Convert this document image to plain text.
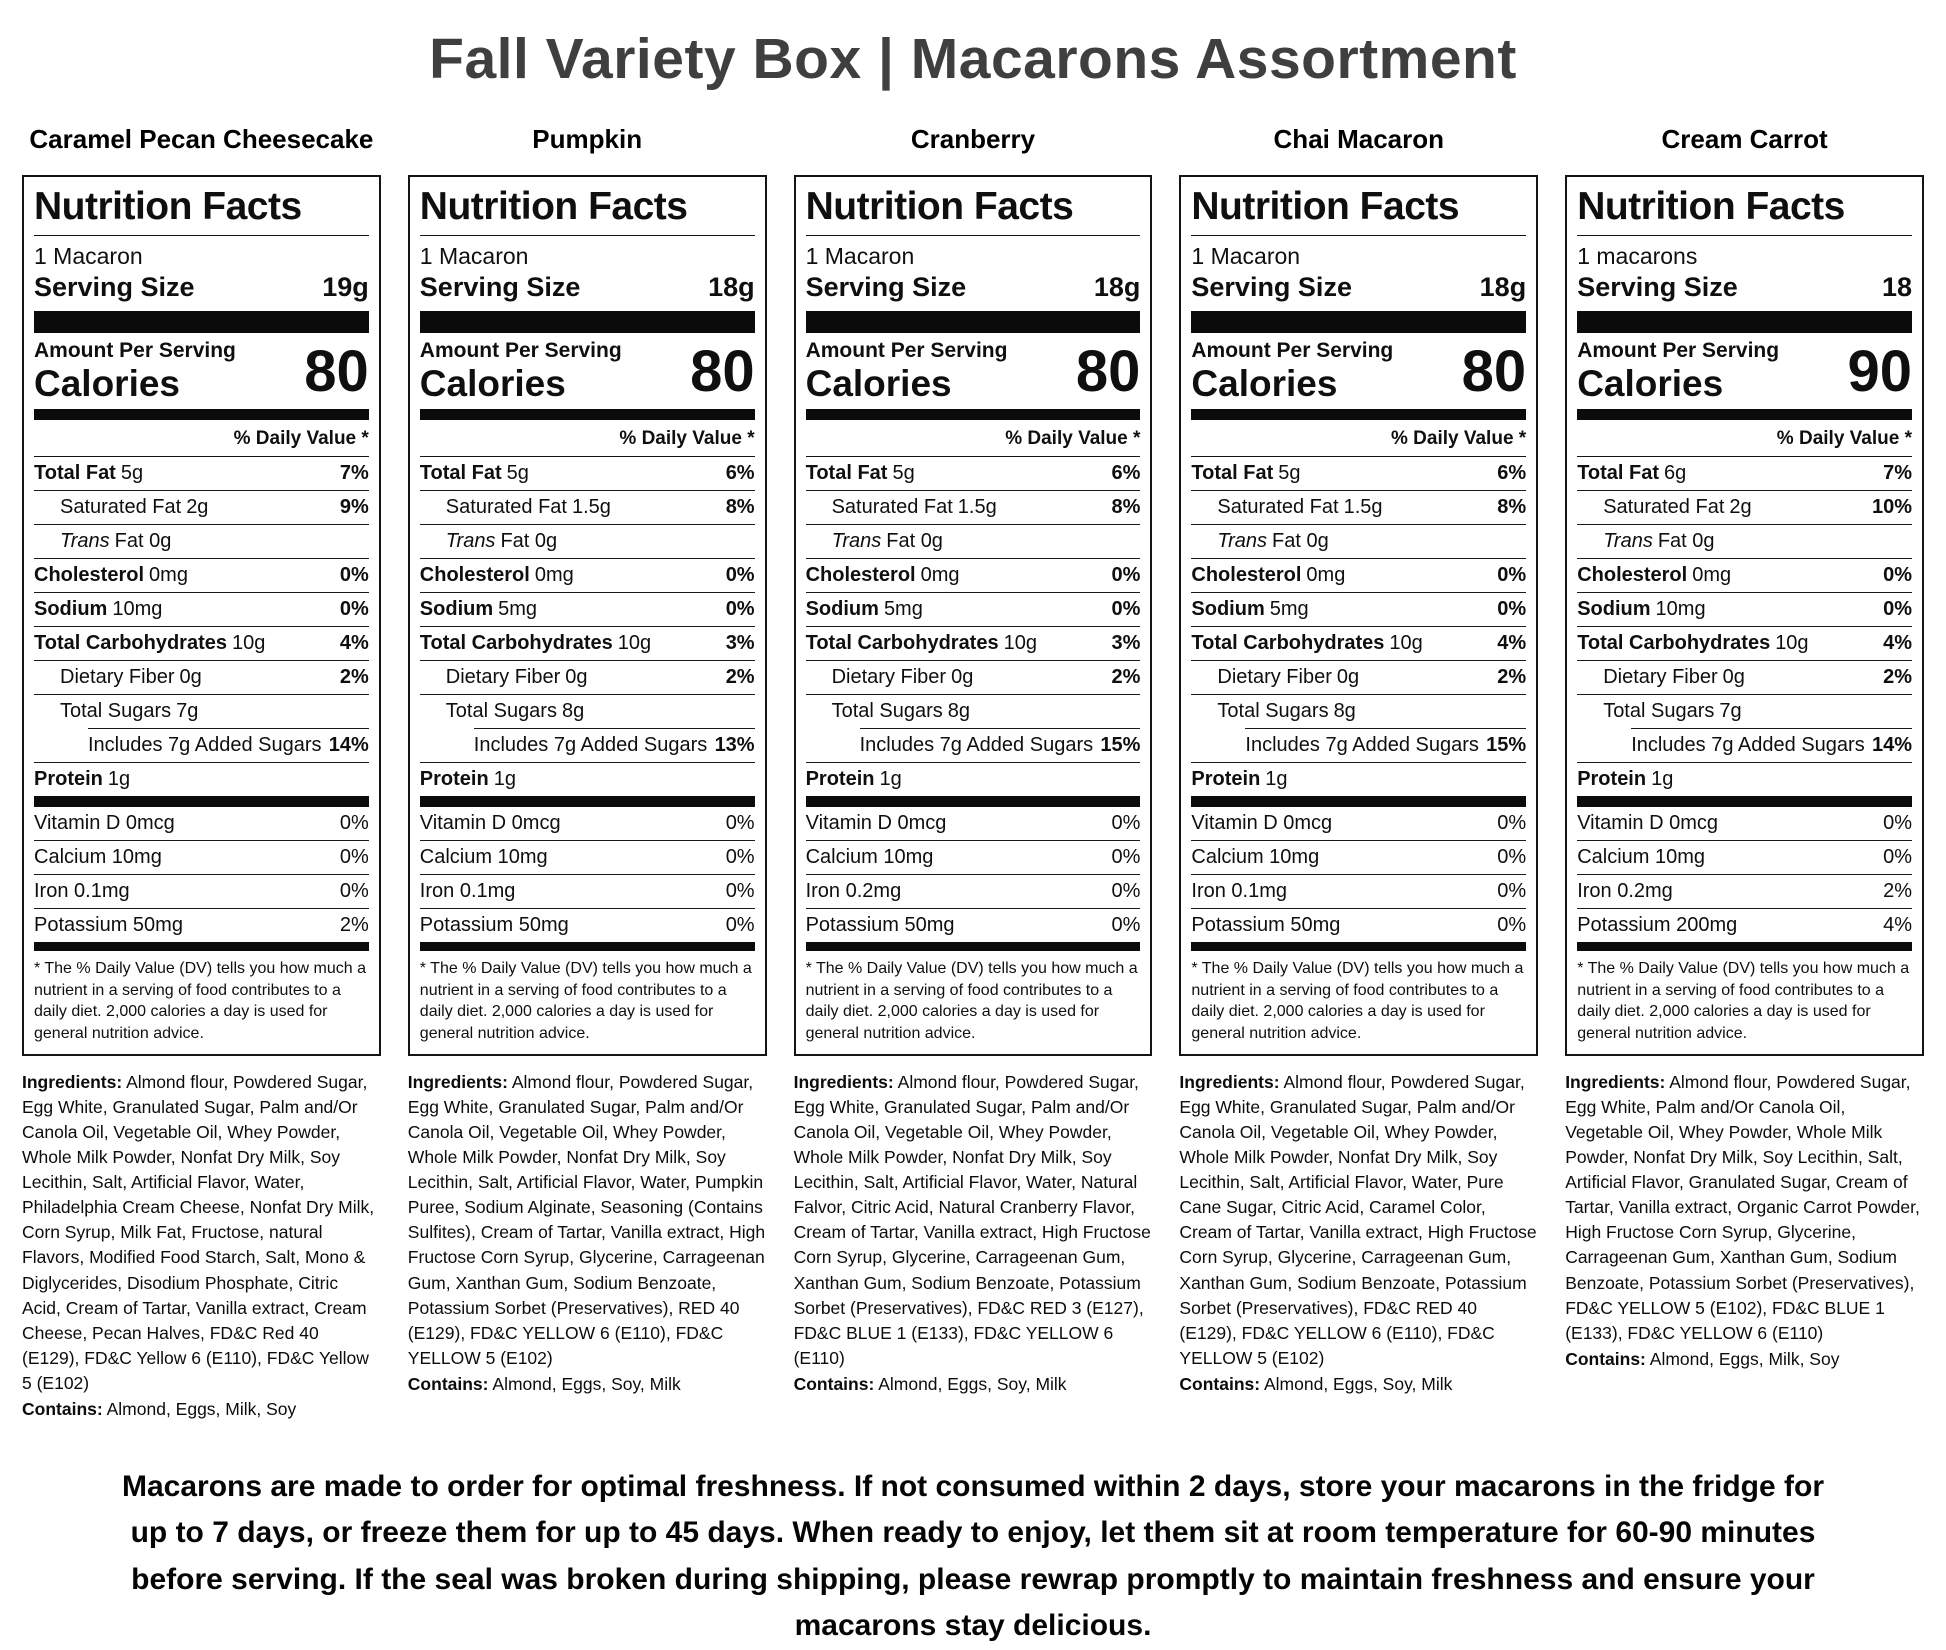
Fall Variety Box | Macarons Assortment
Caramel Pecan Cheesecake
Nutrition Facts
1 Macaron
Serving Size	19g
Amount Per Serving
Calories	80
% Daily Value *
Total Fat 5g	7%
Saturated Fat 2g	9%
Trans Fat 0g
Cholesterol 0mg	0%
Sodium 10mg	0%
Total Carbohydrates 10g	4%
Dietary Fiber 0g	2%
Total Sugars 7g
Includes 7g Added Sugars 14%
Protein 1g
Vitamin D 0mcg	0%
Calcium 10mg	0%
Iron 0.1mg	0%
Potassium 50mg	2%
* The % Daily Value (DV) tells you how much a nutrient in a serving of food contributes to a daily diet. 2,000 calories a day is used for general nutrition advice.
Ingredients: Almond flour, Powdered Sugar, Egg White, Granulated Sugar, Palm and/Or Canola Oil, Vegetable Oil, Whey Powder, Whole Milk Powder, Nonfat Dry Milk, Soy Lecithin, Salt, Artificial Flavor, Water, Philadelphia Cream Cheese, Nonfat Dry Milk, Corn Syrup, Milk Fat, Fructose, natural Flavors, Modified Food Starch, Salt, Mono & Diglycerides, Disodium Phosphate, Citric Acid, Cream of Tartar, Vanilla extract, Cream Cheese, Pecan Halves, FD&C Red 40 (E129), FD&C Yellow 6 (E110), FD&C Yellow 5 (E102)
Contains: Almond, Eggs, Milk, Soy
Pumpkin
Nutrition Facts
1 Macaron
Serving Size	18g
Amount Per Serving
Calories	80
% Daily Value *
Total Fat 5g	6%
Saturated Fat 1.5g	8%
Trans Fat 0g
Cholesterol 0mg	0%
Sodium 5mg	0%
Total Carbohydrates 10g	3%
Dietary Fiber 0g	2%
Total Sugars 8g
Includes 7g Added Sugars 13%
Protein 1g
Vitamin D 0mcg	0%
Calcium 10mg	0%
Iron 0.1mg	0%
Potassium 50mg	0%
* The % Daily Value (DV) tells you how much a nutrient in a serving of food contributes to a daily diet. 2,000 calories a day is used for general nutrition advice.
Ingredients: Almond flour, Powdered Sugar, Egg White, Granulated Sugar, Palm and/Or Canola Oil, Vegetable Oil, Whey Powder, Whole Milk Powder, Nonfat Dry Milk, Soy Lecithin, Salt, Artificial Flavor, Water, Pumpkin Puree, Sodium Alginate, Seasoning (Contains Sulfites), Cream of Tartar, Vanilla extract, High Fructose Corn Syrup, Glycerine, Carrageenan Gum, Xanthan Gum, Sodium Benzoate, Potassium Sorbet (Preservatives), RED 40 (E129), FD&C YELLOW 6 (E110), FD&C YELLOW 5 (E102)
Contains: Almond, Eggs, Soy, Milk
Cranberry
Nutrition Facts
1 Macaron
Serving Size	18g
Amount Per Serving
Calories	80
% Daily Value *
Total Fat 5g	6%
Saturated Fat 1.5g	8%
Trans Fat 0g
Cholesterol 0mg	0%
Sodium 5mg	0%
Total Carbohydrates 10g	3%
Dietary Fiber 0g	2%
Total Sugars 8g
Includes 7g Added Sugars 15%
Protein 1g
Vitamin D 0mcg	0%
Calcium 10mg	0%
Iron 0.2mg	0%
Potassium 50mg	0%
* The % Daily Value (DV) tells you how much a nutrient in a serving of food contributes to a daily diet. 2,000 calories a day is used for general nutrition advice.
Ingredients: Almond flour, Powdered Sugar, Egg White, Granulated Sugar, Palm and/Or Canola Oil, Vegetable Oil, Whey Powder, Whole Milk Powder, Nonfat Dry Milk, Soy Lecithin, Salt, Artificial Flavor, Water, Natural Falvor, Citric Acid, Natural Cranberry Flavor, Cream of Tartar, Vanilla extract, High Fructose Corn Syrup, Glycerine, Carrageenan Gum, Xanthan Gum, Sodium Benzoate, Potassium Sorbet (Preservatives), FD&C RED 3 (E127), FD&C BLUE 1 (E133), FD&C YELLOW 6 (E110)
Contains: Almond, Eggs, Soy, Milk
Chai Macaron
Nutrition Facts
1 Macaron
Serving Size	18g
Amount Per Serving
Calories	80
% Daily Value *
Total Fat 5g	6%
Saturated Fat 1.5g	8%
Trans Fat 0g
Cholesterol 0mg	0%
Sodium 5mg	0%
Total Carbohydrates 10g	4%
Dietary Fiber 0g	2%
Total Sugars 8g
Includes 7g Added Sugars 15%
Protein 1g
Vitamin D 0mcg	0%
Calcium 10mg	0%
Iron 0.1mg	0%
Potassium 50mg	0%
* The % Daily Value (DV) tells you how much a nutrient in a serving of food contributes to a daily diet. 2,000 calories a day is used for general nutrition advice.
Ingredients: Almond flour, Powdered Sugar, Egg White, Granulated Sugar, Palm and/Or Canola Oil, Vegetable Oil, Whey Powder, Whole Milk Powder, Nonfat Dry Milk, Soy Lecithin, Salt, Artificial Flavor, Water, Pure Cane Sugar, Citric Acid, Caramel Color, Cream of Tartar, Vanilla extract, High Fructose Corn Syrup, Glycerine, Carrageenan Gum, Xanthan Gum, Sodium Benzoate, Potassium Sorbet (Preservatives), FD&C RED 40 (E129), FD&C YELLOW 6 (E110), FD&C YELLOW 5 (E102)
Contains: Almond, Eggs, Soy, Milk
Cream Carrot
Nutrition Facts
1 macarons
Serving Size	18
Amount Per Serving
Calories	90
% Daily Value *
Total Fat 6g	7%
Saturated Fat 2g	10%
Trans Fat 0g
Cholesterol 0mg	0%
Sodium 10mg	0%
Total Carbohydrates 10g	4%
Dietary Fiber 0g	2%
Total Sugars 7g
Includes 7g Added Sugars 14%
Protein 1g
Vitamin D 0mcg	0%
Calcium 10mg	0%
Iron 0.2mg	2%
Potassium 200mg	4%
* The % Daily Value (DV) tells you how much a nutrient in a serving of food contributes to a daily diet. 2,000 calories a day is used for general nutrition advice.
Ingredients: Almond flour, Powdered Sugar, Egg White, Palm and/Or Canola Oil, Vegetable Oil, Whey Powder, Whole Milk Powder, Nonfat Dry Milk, Soy Lecithin, Salt, Artificial Flavor, Granulated Sugar, Cream of Tartar, Vanilla extract, Organic Carrot Powder, High Fructose Corn Syrup, Glycerine, Carrageenan Gum, Xanthan Gum, Sodium Benzoate, Potassium Sorbet (Preservatives), FD&C YELLOW 5 (E102), FD&C BLUE 1 (E133), FD&C YELLOW 6 (E110)
Contains: Almond, Eggs, Milk, Soy

Macarons are made to order for optimal freshness. If not consumed within 2 days, store your macarons in the fridge for up to 7 days, or freeze them for up to 45 days. When ready to enjoy, let them sit at room temperature for 60-90 minutes before serving. If the seal was broken during shipping, please rewrap promptly to maintain freshness and ensure your macarons stay delicious.
